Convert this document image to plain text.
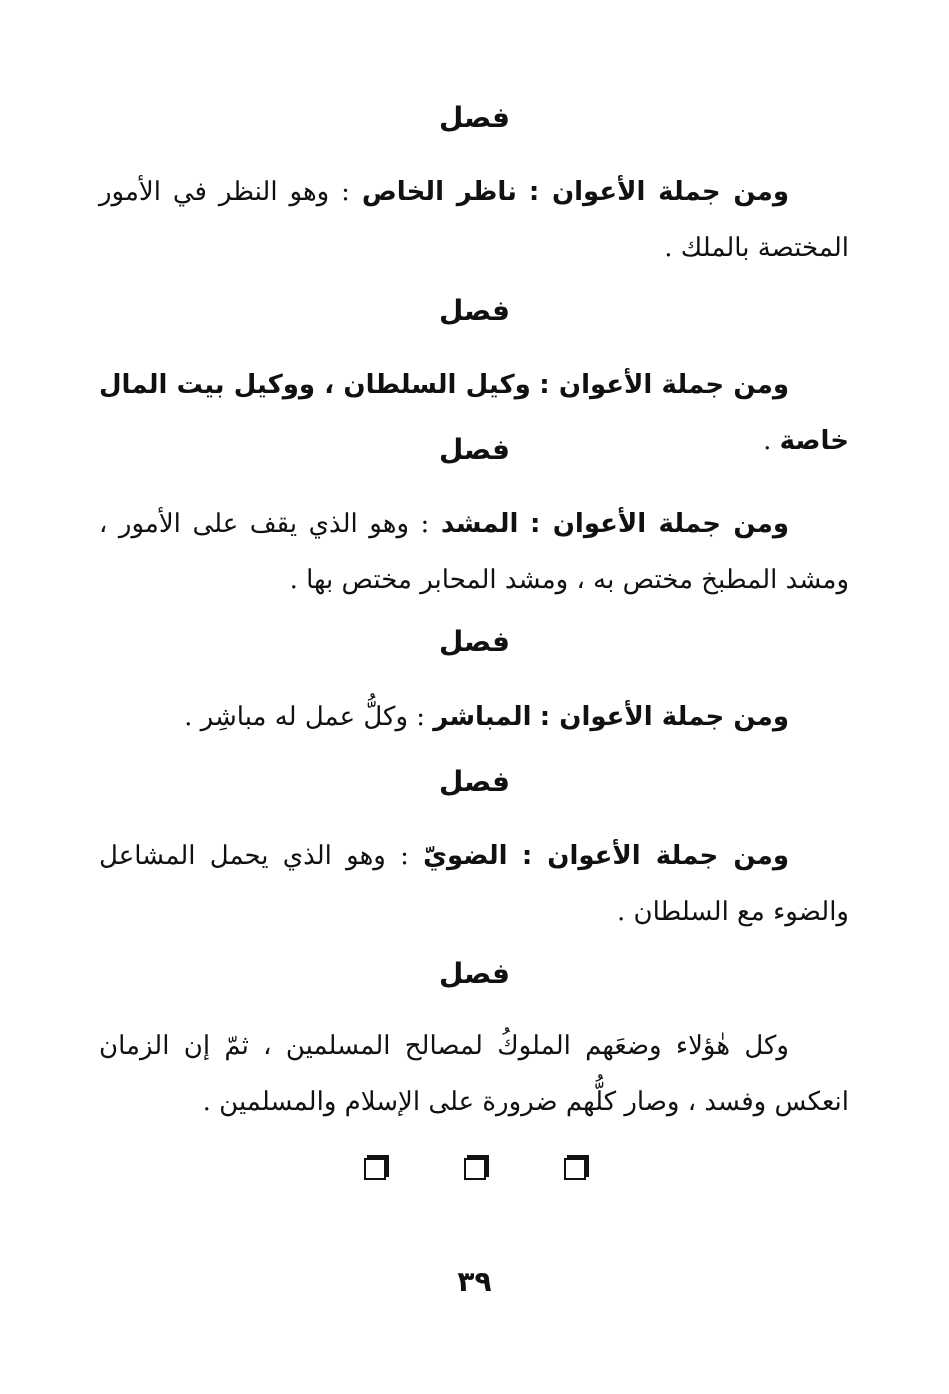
فصل

ومن جملة الأعوان : ناظر الخاص : وهو النظر في الأمور المختصة بالملك .

فصل

ومن جملة الأعوان : وكيل السلطان ، ووكيل بيت المال خاصة .

فصل

ومن جملة الأعوان : المشد : وهو الذي يقف على الأمور ، ومشد المطبخ مختص به ، ومشد المحابر مختص بها .

فصل

ومن جملة الأعوان : المباشر : وكلُّ عمل له مباشِر .

فصل

ومن جملة الأعوان : الضويّ : وهو الذي يحمل المشاعل والضوء مع السلطان .

فصل

وكل هٰؤلاء وضعَهم الملوكُ لمصالح المسلمين ، ثمّ إن الزمان انعكس وفسد ، وصار كلُّهم ضرورة على الإسلام والمسلمين .

٣٩
